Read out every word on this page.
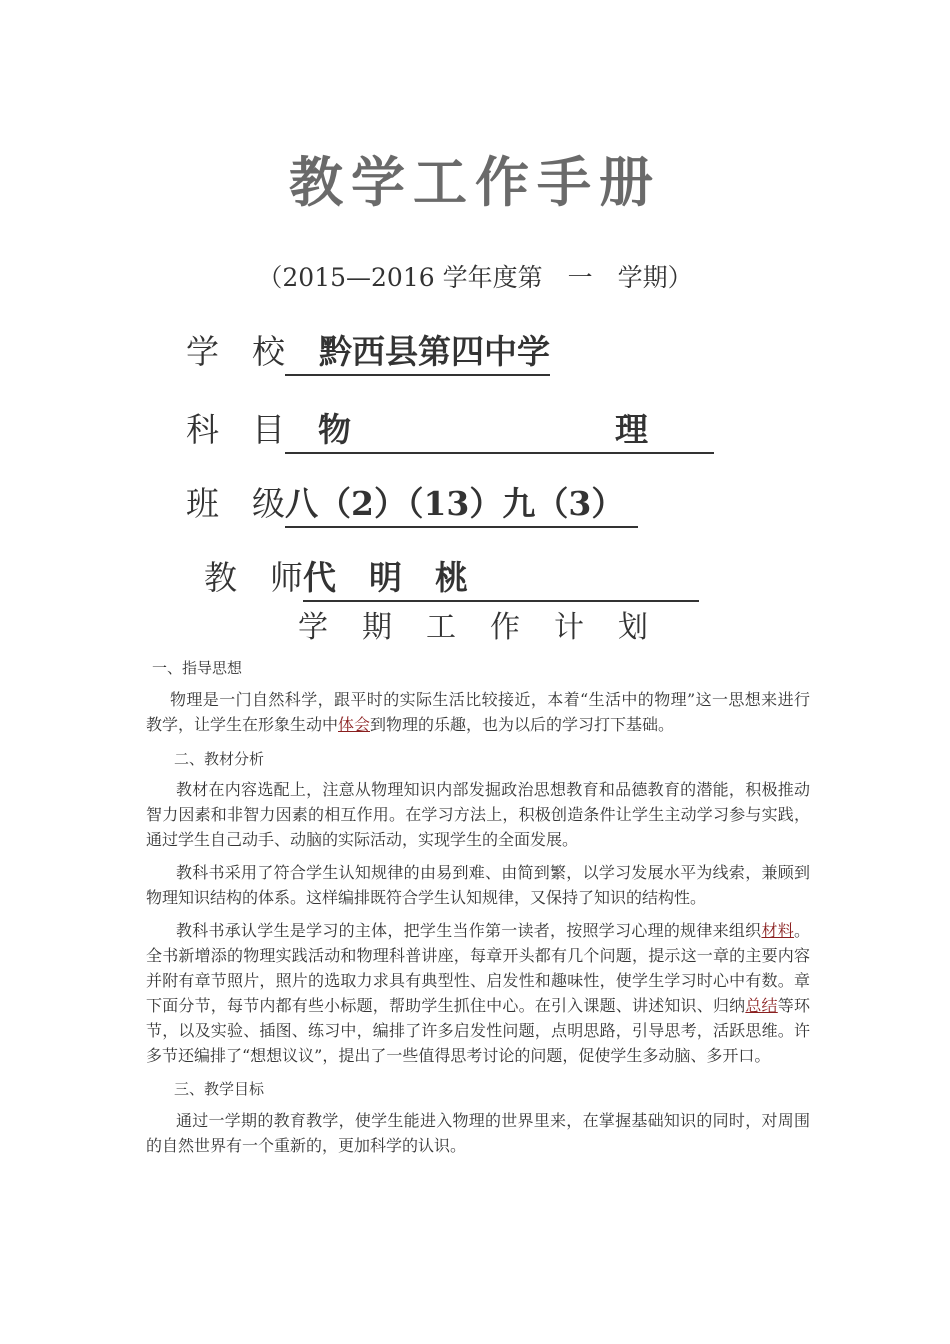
教学工作手册
（2015—2016 学年度第　一　学期）
学　校 黔西县第四中学
科　目　物　　　　　　　　理　　
班　级八（2）（13）九（3）
教　师代　明　桃　　　　　　　
学期工作计划
一、指导思想
物理是一门自然科学，跟平时的实际生活比较接近，本着“生活中的物理”这一思想来进行教学，让学生在形象生动中体会到物理的乐趣，也为以后的学习打下基础。
二、教材分析
教材在内容选配上，注意从物理知识内部发掘政治思想教育和品德教育的潜能，积极推动智力因素和非智力因素的相互作用。在学习方法上，积极创造条件让学生主动学习参与实践，通过学生自己动手、动脑的实际活动，实现学生的全面发展。
教科书采用了符合学生认知规律的由易到难、由简到繁，以学习发展水平为线索，兼顾到物理知识结构的体系。这样编排既符合学生认知规律，又保持了知识的结构性。
教科书承认学生是学习的主体，把学生当作第一读者，按照学习心理的规律来组织材料。全书新增添的物理实践活动和物理科普讲座，每章开头都有几个问题，提示这一章的主要内容并附有章节照片，照片的选取力求具有典型性、启发性和趣味性，使学生学习时心中有数。章下面分节，每节内都有些小标题，帮助学生抓住中心。在引入课题、讲述知识、归纳总结等环节，以及实验、插图、练习中，编排了许多启发性问题，点明思路，引导思考，活跃思维。许多节还编排了“想想议议”，提出了一些值得思考讨论的问题，促使学生多动脑、多开口。
三、教学目标
通过一学期的教育教学，使学生能进入物理的世界里来，在掌握基础知识的同时，对周围的自然世界有一个重新的，更加科学的认识。
